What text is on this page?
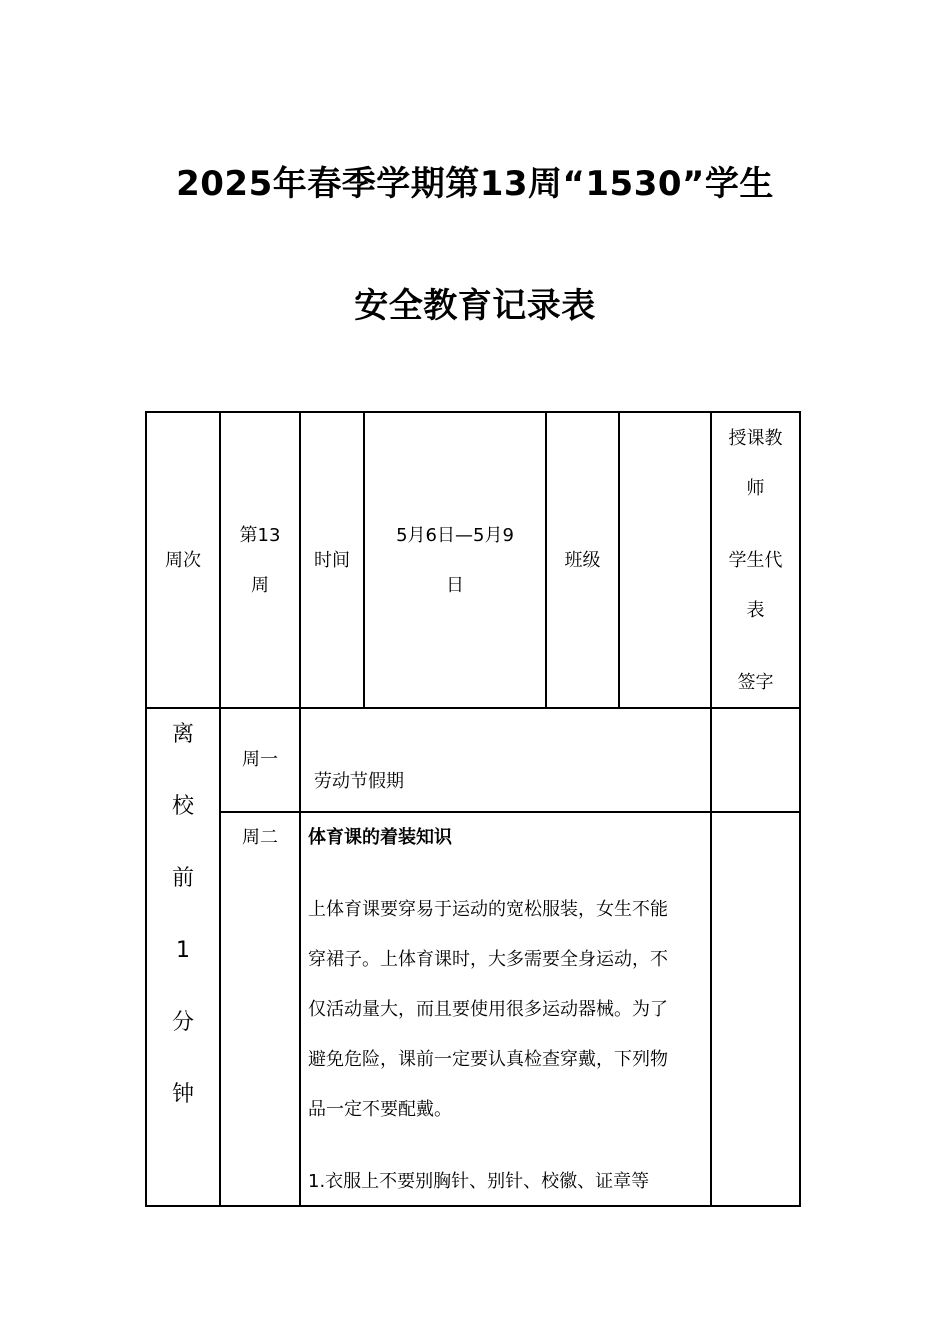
2025年春季学期第13周“1530”学生
安全教育记录表
周次
第13
周
时间
5月6日—5月9
日
班级
授课教
师
学生代
表
签字
离
校
前
1
分
钟
周一
劳动节假期
周二	体育课的着装知识
上体育课要穿易于运动的宽松服装，女生不能
穿裙子。上体育课时，大多需要全身运动，不
仅活动量大，而且要使用很多运动器械。为了
避免危险，课前一定要认真检查穿戴，下列物
品一定不要配戴。
1.衣服上不要别胸针、别针、校徽、证章等
